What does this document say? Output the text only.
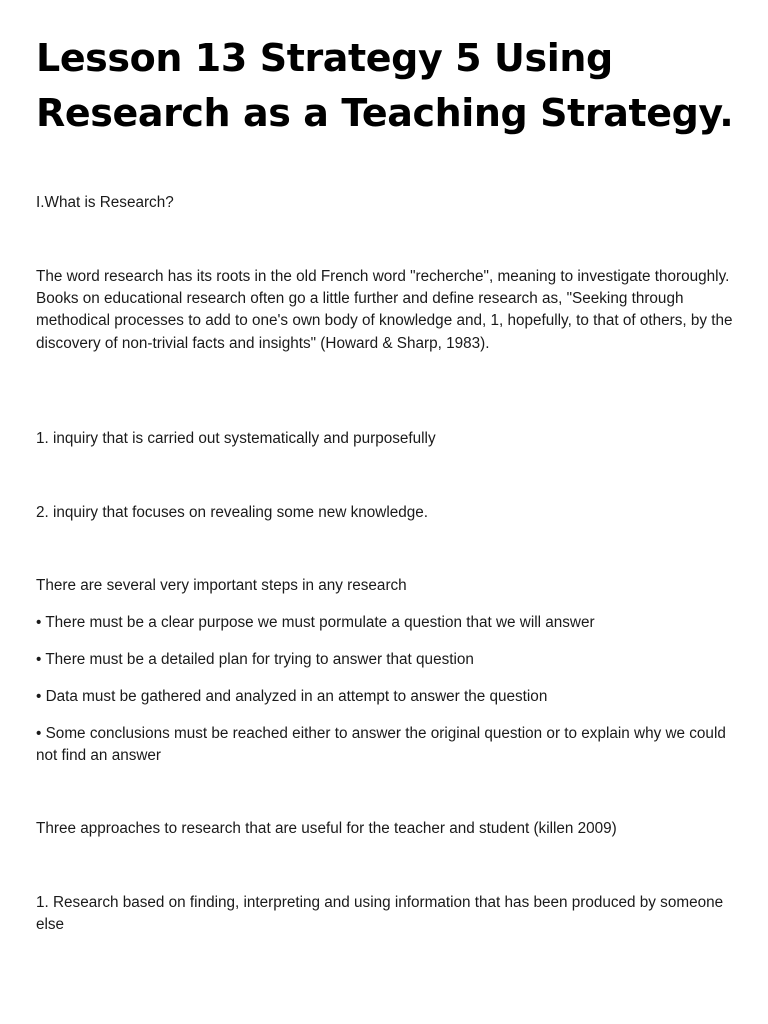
Lesson 13 Strategy 5 Using Research as a Teaching Strategy.

I.What is Research?

The word research has its roots in the old French word "recherche", meaning to investigate thoroughly. Books on educational research often go a little further and define research as, "Seeking through methodical processes to add to one's own body of knowledge and, 1, hopefully, to that of others, by the discovery of non-trivial facts and insights" (Howard & Sharp, 1983).

1. inquiry that is carried out systematically and purposefully

2. inquiry that focuses on revealing some new knowledge.

There are several very important steps in any research

• There must be a clear purpose we must pormulate a question that we will answer

• There must be a detailed plan for trying to answer that question

• Data must be gathered and analyzed in an attempt to answer the question

• Some conclusions must be reached either to answer the original question or to explain why we could not find an answer

Three approaches to research that are useful for the teacher and student (killen 2009)

1. Research based on finding, interpreting and using information that has been produced by someone else
